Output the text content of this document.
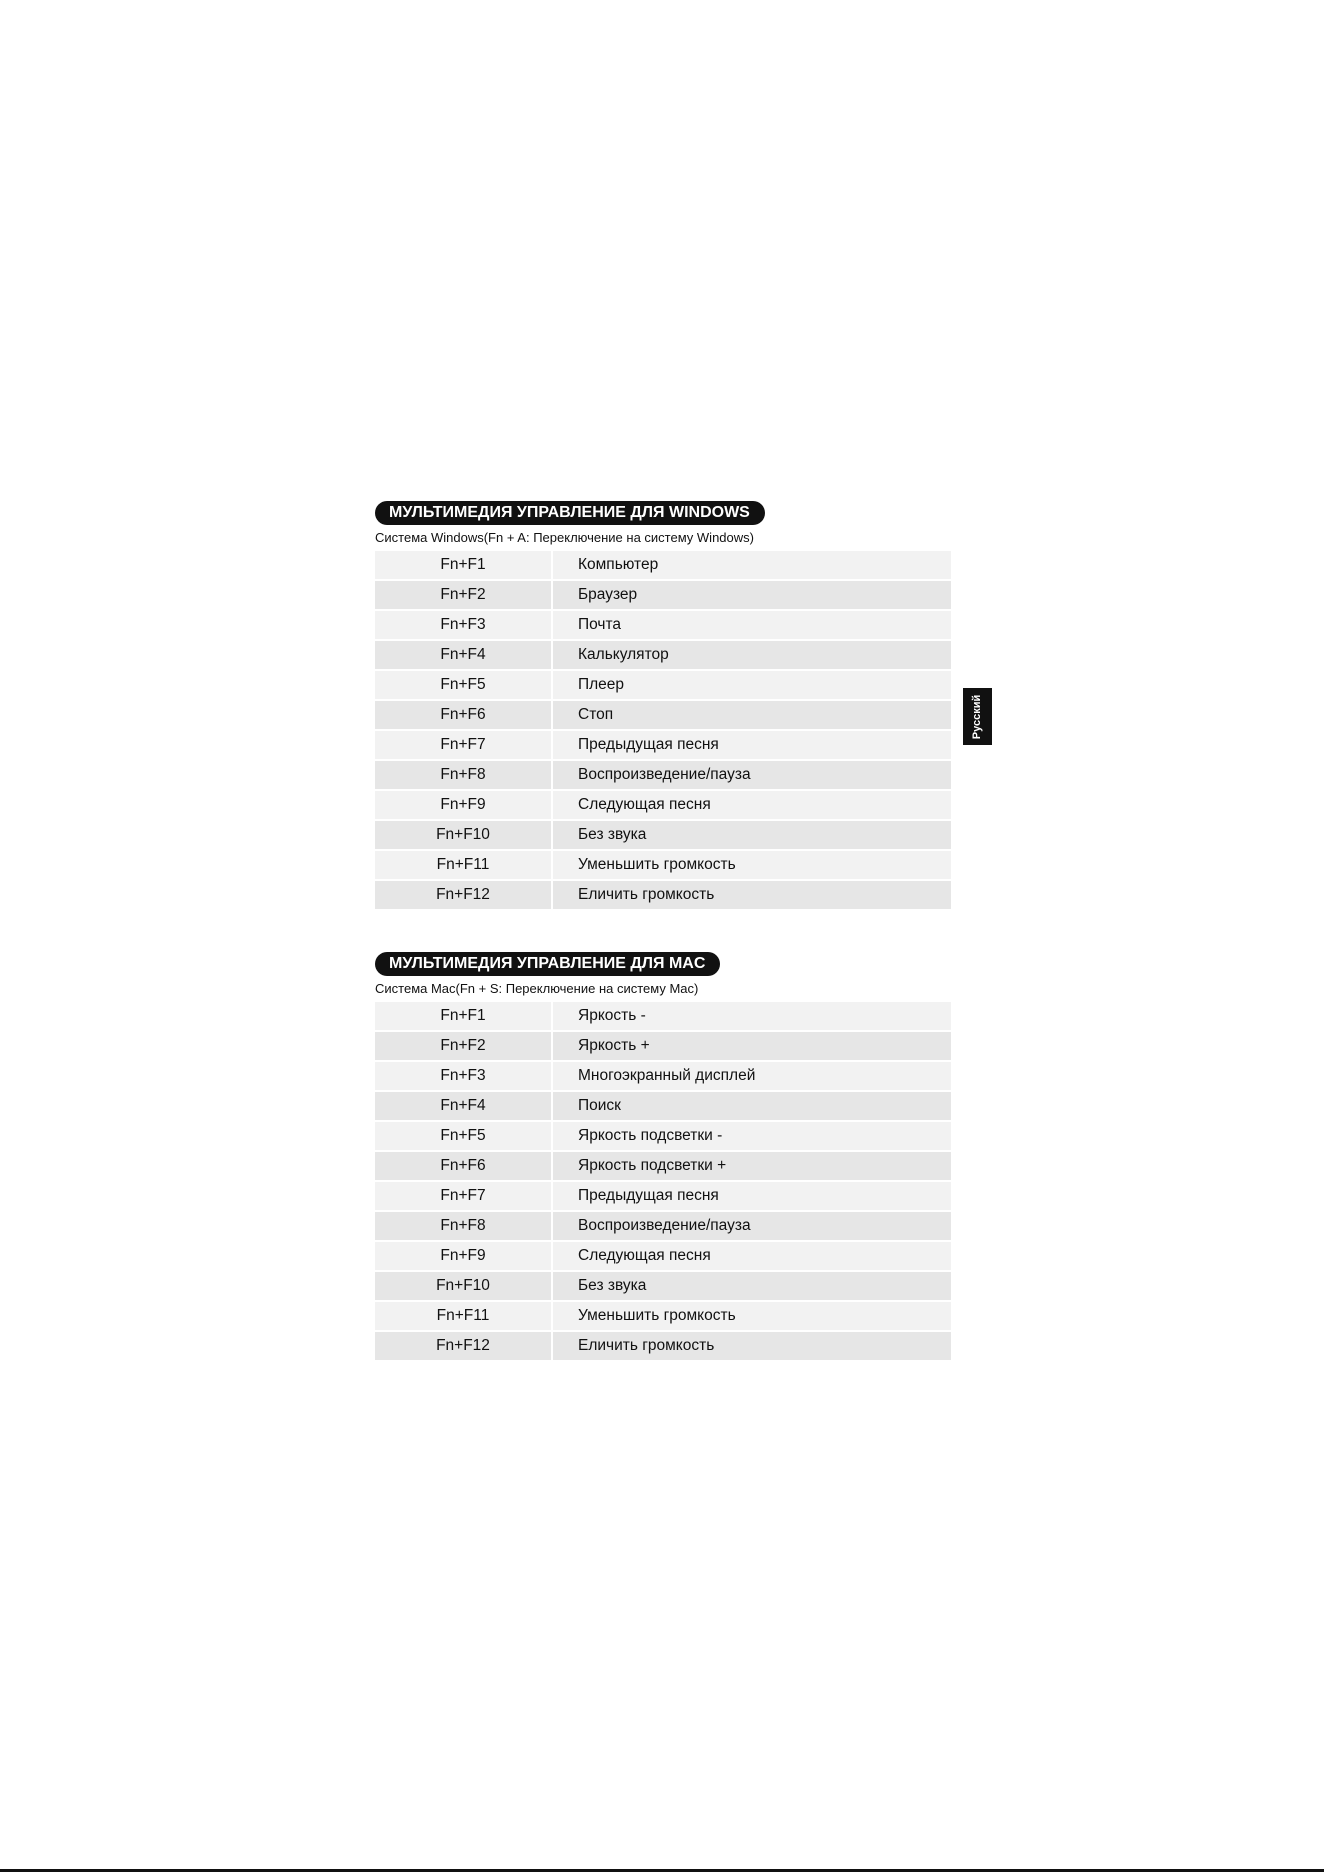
МУЛЬТИМЕДИЯ УПРАВЛЕНИЕ ДЛЯ WINDOWS
Система Windows(Fn + A: Переключение на систему Windows)
Fn+F1	Компьютер
Fn+F2	Браузер
Fn+F3	Почта
Fn+F4	Калькулятор
Fn+F5	Плеер
Fn+F6	Стоп
Fn+F7	Предыдущая песня
Fn+F8	Воспроизведение/пауза
Fn+F9	Следующая песня
Fn+F10	Без звука
Fn+F11	Уменьшить громкость
Fn+F12	Еличить громкость
МУЛЬТИМЕДИЯ УПРАВЛЕНИЕ ДЛЯ MAC
Система Mac(Fn + S: Переключение на систему Mac)
Fn+F1	Яркость -
Fn+F2	Яркость +
Fn+F3	Многоэкранный дисплей
Fn+F4	Поиск
Fn+F5	Яркость подсветки -
Fn+F6	Яркость подсветки +
Fn+F7	Предыдущая песня
Fn+F8	Воспроизведение/пауза
Fn+F9	Следующая песня
Fn+F10	Без звука
Fn+F11	Уменьшить громкость
Fn+F12	Еличить громкость
Русский
